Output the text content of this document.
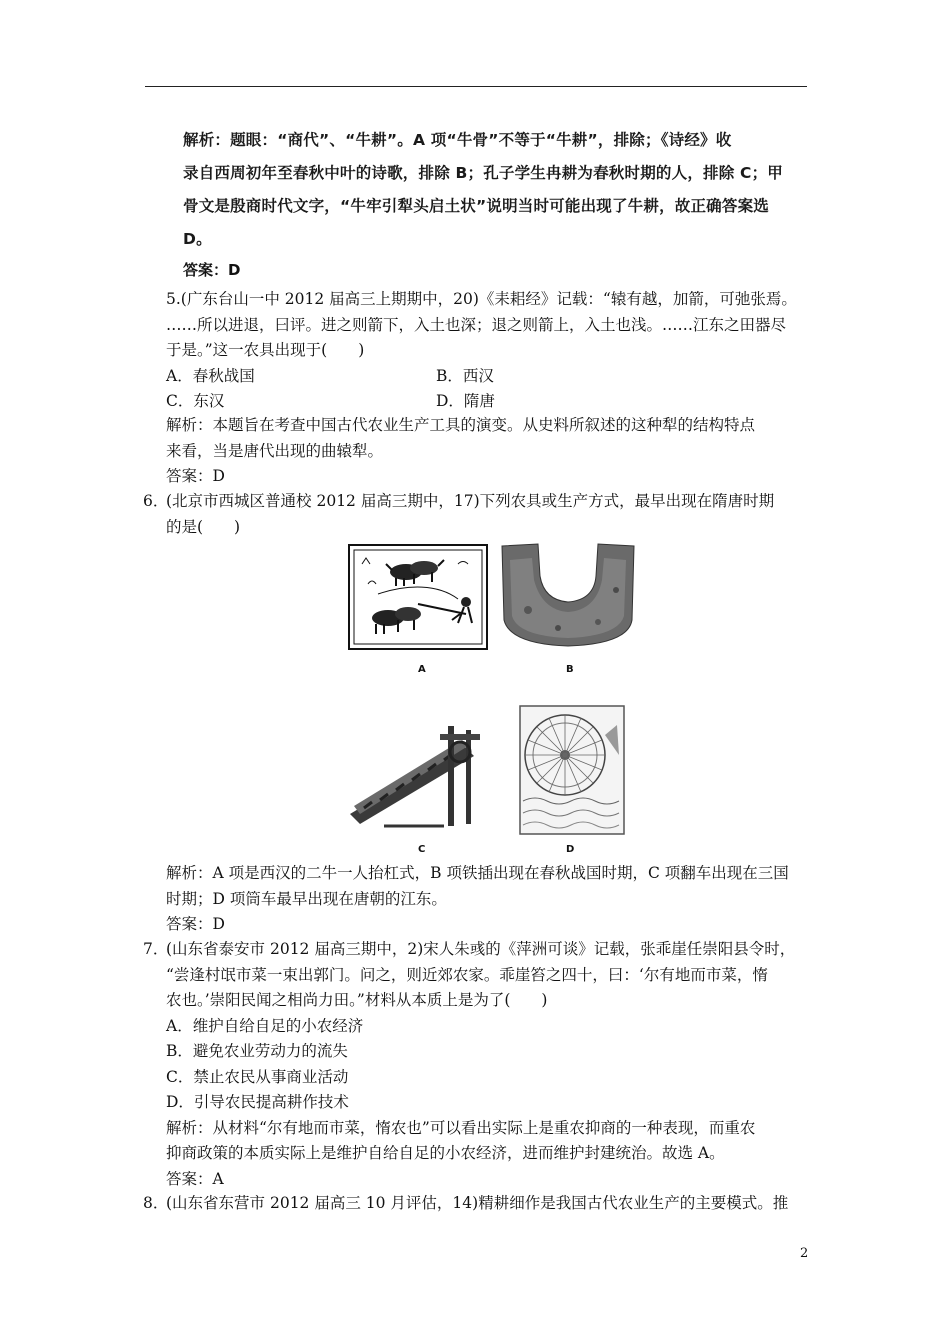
解析：题眼：“商代”、“牛耕”。A 项“牛骨”不等于“牛耕”，排除；《诗经》收
录自西周初年至春秋中叶的诗歌，排除 B；孔子学生冉耕为春秋时期的人，排除 C；甲
骨文是殷商时代文字，“牛牢引犁头启土状”说明当时可能出现了牛耕，故正确答案选
D。
答案：D
5.(广东台山一中 2012 届高三上期期中，20)《耒耜经》记载：“辕有越，加箭，可弛张焉。
……所以进退，曰评。进之则箭下，入土也深；退之则箭上，入土也浅。……江东之田器尽
于是。”这一农具出现于(　　)
A．春秋战国	B．西汉
C．东汉	D．隋唐
解析：本题旨在考查中国古代农业生产工具的演变。从史料所叙述的这种犁的结构特点
来看，当是唐代出现的曲辕犁。
答案：D
6．
(北京市西城区普通校 2012 届高三期中，17)下列农具或生产方式，最早出现在隋唐时期
的是(　　)
A	B
C	D
解析：A 项是西汉的二牛一人抬杠式，B 项铁插出现在春秋战国时期，C 项翻车出现在三国
时期；D 项筒车最早出现在唐朝的江东。
答案：D
7．
(山东省泰安市 2012 届高三期中，2)宋人朱彧的《萍洲可谈》记载，张乖崖任崇阳县令时，
“尝逢村氓市菜一束出郭门。问之，则近郊农家。乖崖笞之四十，曰：‘尔有地而市菜，惰
农也。’崇阳民闻之相尚力田。”材料从本质上是为了(　　)
A．维护自给自足的小农经济
B．避免农业劳动力的流失
C．禁止农民从事商业活动
D．引导农民提高耕作技术
解析：从材料“尔有地而市菜，惰农也”可以看出实际上是重农抑商的一种表现，而重农
抑商政策的本质实际上是维护自给自足的小农经济，进而维护封建统治。故选 A。
答案：A
8．
(山东省东营市 2012 届高三 10 月评估，14)精耕细作是我国古代农业生产的主要模式。推
2
